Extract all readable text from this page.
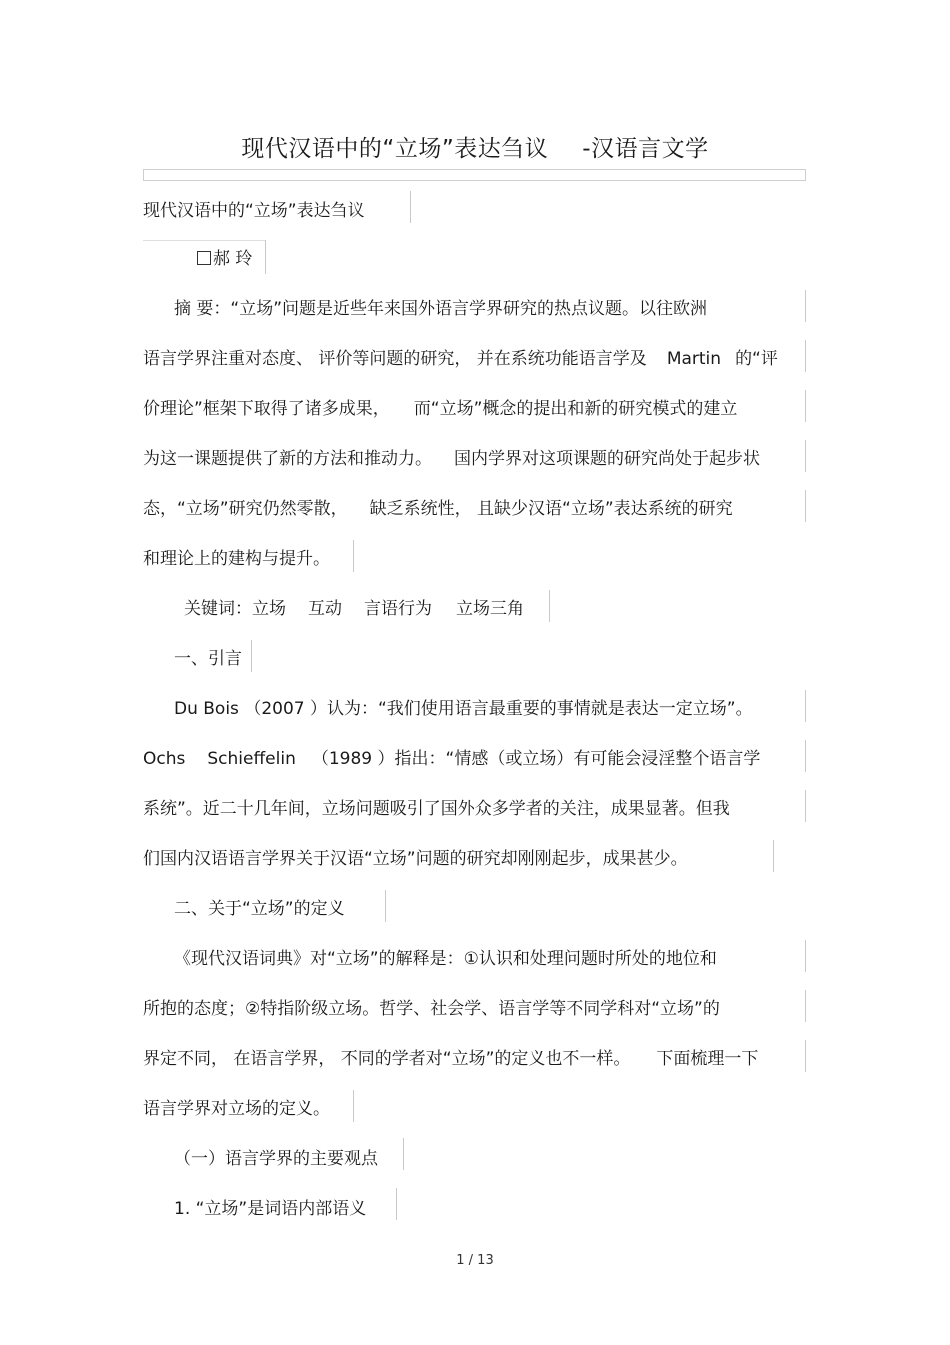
现代汉语中的“立场”表达刍议 -汉语言文学
现代汉语中的“立场”表达刍议
郝 玲
摘 要：“立场”问题是近些年来国外语言学界研究的热点议题。以往欧洲
语言学界注重对态度、 评价等问题的研究， 并在系统功能语言学及 Martin 的“评
价理论”框架下取得了诸多成果， 而“立场”概念的提出和新的研究模式的建立
为这一课题提供了新的方法和推动力。 国内学界对这项课题的研究尚处于起步状
态，“立场”研究仍然零散， 缺乏系统性， 且缺少汉语“立场”表达系统的研究
和理论上的建构与提升。
关键词：立场 互动 言语行为 立场三角
一、引言
Du Bois （2007 ）认为：“我们使用语言最重要的事情就是表达一定立场”。
Ochs Schieffelin （1989 ）指出：“情感（或立场）有可能会浸淫整个语言学
系统”。近二十几年间，立场问题吸引了国外众多学者的关注，成果显著。但我
们国内汉语语言学界关于汉语“立场”问题的研究却刚刚起步，成果甚少。
二、关于“立场”的定义
《现代汉语词典》对“立场”的解释是：①认识和处理问题时所处的地位和
所抱的态度；②特指阶级立场。哲学、社会学、语言学等不同学科对“立场”的
界定不同， 在语言学界， 不同的学者对“立场”的定义也不一样。 下面梳理一下
语言学界对立场的定义。
（一）语言学界的主要观点
1. “立场”是词语内部语义
1 / 13
